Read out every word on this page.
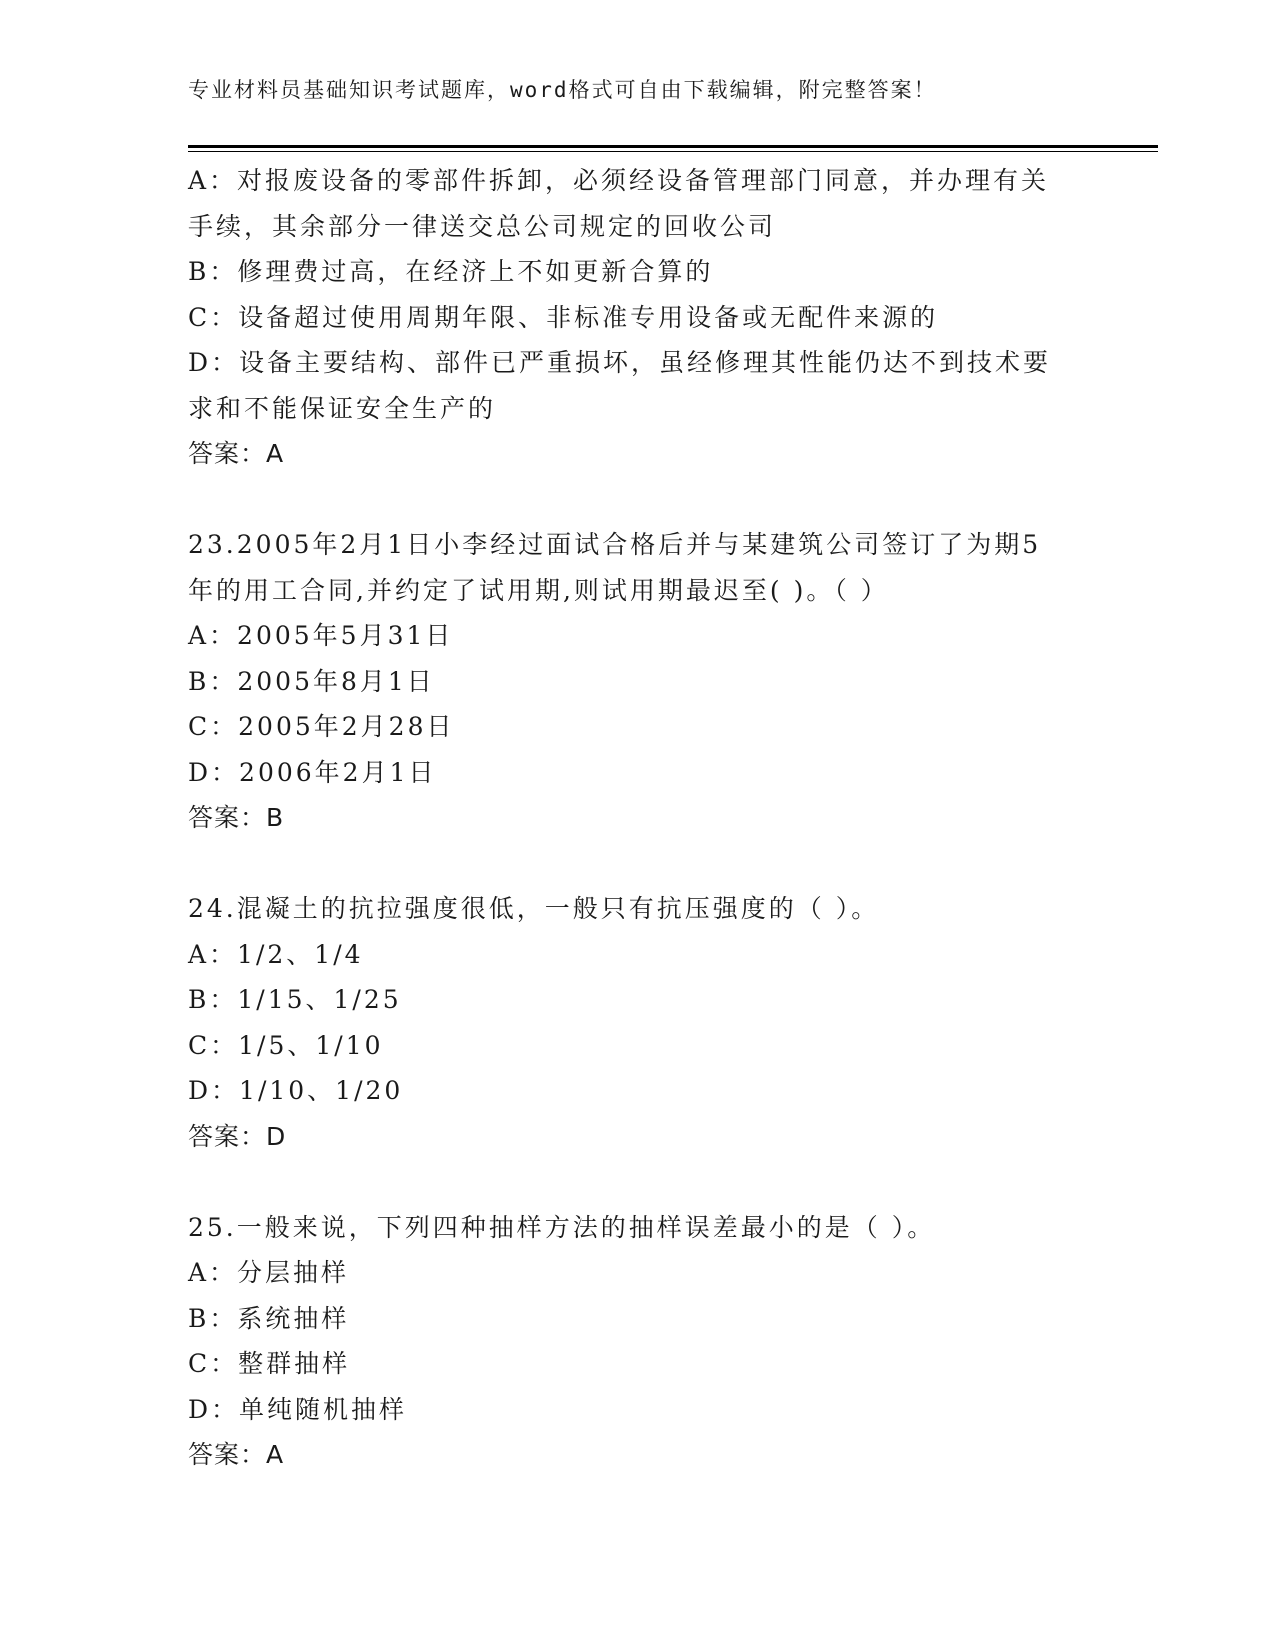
专业材料员基础知识考试题库，word格式可自由下载编辑，附完整答案！
A：对报废设备的零部件拆卸，必须经设备管理部门同意，并办理有关
手续，其余部分一律送交总公司规定的回收公司
B：修理费过高，在经济上不如更新合算的
C：设备超过使用周期年限、非标准专用设备或无配件来源的
D：设备主要结构、部件已严重损坏，虽经修理其性能仍达不到技术要
求和不能保证安全生产的
答案：A
23.2005年2月1日小李经过面试合格后并与某建筑公司签订了为期5
年的用工合同,并约定了试用期,则试用期最迟至( )。（ ）
A：2005年5月31日
B：2005年8月1日
C：2005年2月28日
D：2006年2月1日
答案：B
24.混凝土的抗拉强度很低，一般只有抗压强度的（ ）。
A：1/2、1/4
B：1/15、1/25
C：1/5、1/10
D：1/10、1/20
答案：D
25.一般来说，下列四种抽样方法的抽样误差最小的是（ ）。
A：分层抽样
B：系统抽样
C：整群抽样
D：单纯随机抽样
答案：A
